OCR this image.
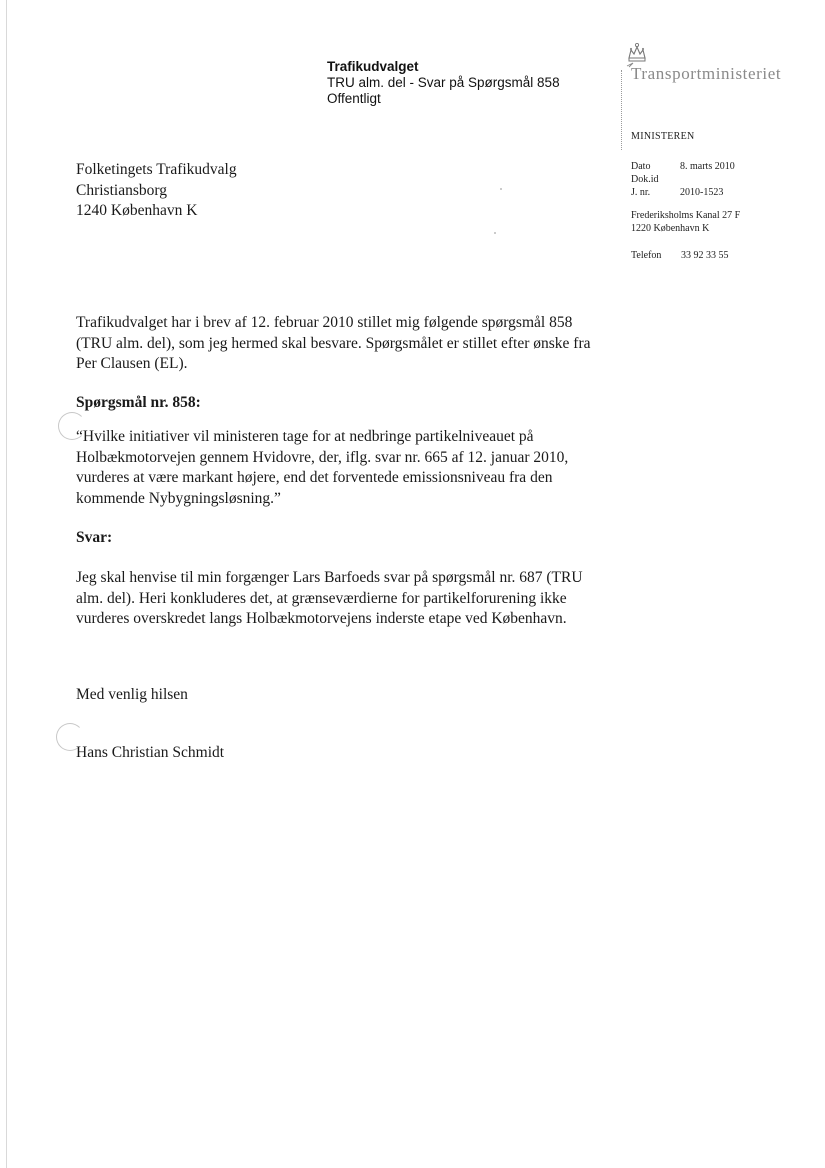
Trafikudvalget
TRU alm. del - Svar på Spørgsmål 858
Offentligt
Transportministeriet
MINISTEREN
Dato	8. marts 2010
Dok.id
J. nr.	2010-1523
Frederiksholms Kanal 27 F
1220 København K
Telefon	33 92 33 55
Folketingets Trafikudvalg
Christiansborg
1240 København K

Trafikudvalget har i brev af 12. februar 2010 stillet mig følgende spørgsmål 858 (TRU alm. del), som jeg hermed skal besvare. Spørgsmålet er stillet efter ønske fra Per Clausen (EL).

Spørgsmål nr. 858:

“Hvilke initiativer vil ministeren tage for at nedbringe partikelniveauet på Holbækmotorvejen gennem Hvidovre, der, iflg. svar nr. 665 af 12. januar 2010, vurderes at være markant højere, end det forventede emissionsniveau fra den kommende Nybygningsløsning.”

Svar:

Jeg skal henvise til min forgænger Lars Barfoeds svar på spørgsmål nr. 687 (TRU alm. del). Heri konkluderes det, at grænseværdierne for partikelforurening ikke vurderes overskredet langs Holbækmotorvejens inderste etape ved København.

Med venlig hilsen
Hans Christian Schmidt
